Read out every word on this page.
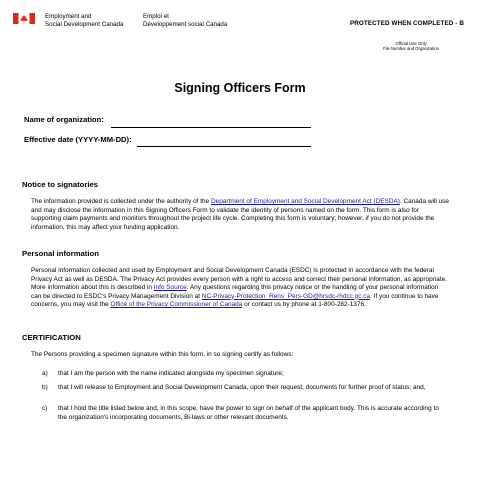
Employment and
Social Development Canada
Emploi et
Développement social Canada	PROTECTED WHEN COMPLETED - B
Official Use Only
File Number and Organization
Signing Officers Form
Name of organization:
Effective date (YYYY-MM-DD):
Notice to signatories
The information provided is collected under the authority of the Department of Employment and Social Development Act (DESDA). Canada will use and may disclose the information in this Signing Officers Form to validate the identity of persons named on the form. This form is also for supporting claim payments and monitors throughout the project life cycle. Completing this form is voluntary; however, if you do not provide the information, this may affect your funding application.
Personal information
Personal information collected and used by Employment and Social Development Canada (ESDC) is protected in accordance with the federal Privacy Act as well as DESDA. The Privacy Act provides every person with a right to access and correct their personal information, as appropriate. More information about this is described in Info Source. Any questions regarding this privacy notice or the handling of your personal information can be directed to ESDC's Privacy Management Division at NC-Privacy-Protection_Rens_Pers-GD@hrsdc-rhdcc.gc.ca. If you continue to have concerns, you may visit the Office of the Privacy Commissioner of Canada or contact us by phone at 1-800-282-1376.
CERTIFICATION
The Persons providing a specimen signature within this form, in so signing certify as follows:
a)	that I am the person with the name indicated alongside my specimen signature;
b)	that I will release to Employment and Social Development Canada, upon their request, documents for further proof of status; and,
c)	that I hold the title listed below and, in this scope, have the power to sign on behalf of the applicant body. This is accurate according to the organization's incorporating documents, Bi-laws or other relevant documents.
